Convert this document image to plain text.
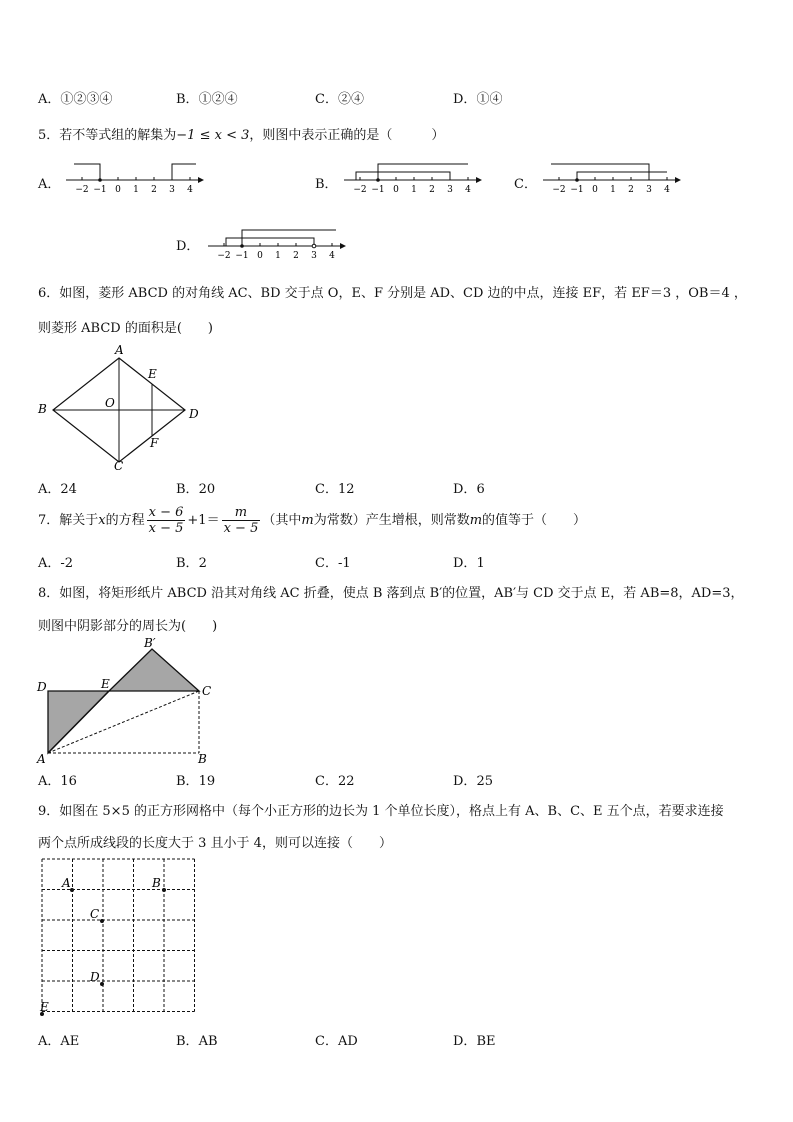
A．①②③④	B．①②④	C．②④	D．①④
5．若不等式组的解集为−1 ≤ x < 3，则图中表示正确的是（　　　）
A． −2 −1 0 1 2 3 4	B． −2 −1 0 1 2 3 4	C． −2 −1 0 1 2 3 4
D．
−2 −1 0 1 2 3 4
6．如图，菱形 ABCD 的对角线 AC、BD 交于点 O，E、F 分别是 AD、CD 边的中点，连接 EF，若 EF＝3 ，OB＝4 ，
则菱形 ABCD 的面积是(　　)
A
B
C
D
O
E
F
A．24	B．20	C．12	D．6
7．解关于x的方程 $\frac{x - 6}{x - 5} +1= \frac{m}{x - 5}$ （其中m为常数）产生增根，则常数m的值等于（　　）
A．-2	B．2	C．-1	D．1
8．如图，将矩形纸片 ABCD 沿其对角线 AC 折叠，使点 B 落到点 B′的位置，AB′与 CD 交于点 E，若 AB=8，AD=3，
则图中阴影部分的周长为(　　)
D	E
B′
C
A	B
A．16	B．19	C．22	D．25
9．如图在 5×5 的正方形网格中（每个小正方形的边长为 1 个单位长度），格点上有 A、B、C、E 五个点，若要求连接
两个点所成线段的长度大于 3 且小于 4，则可以连接（　　）
A	B
C
D
E
A．AE	B．AB	C．AD	D．BE
